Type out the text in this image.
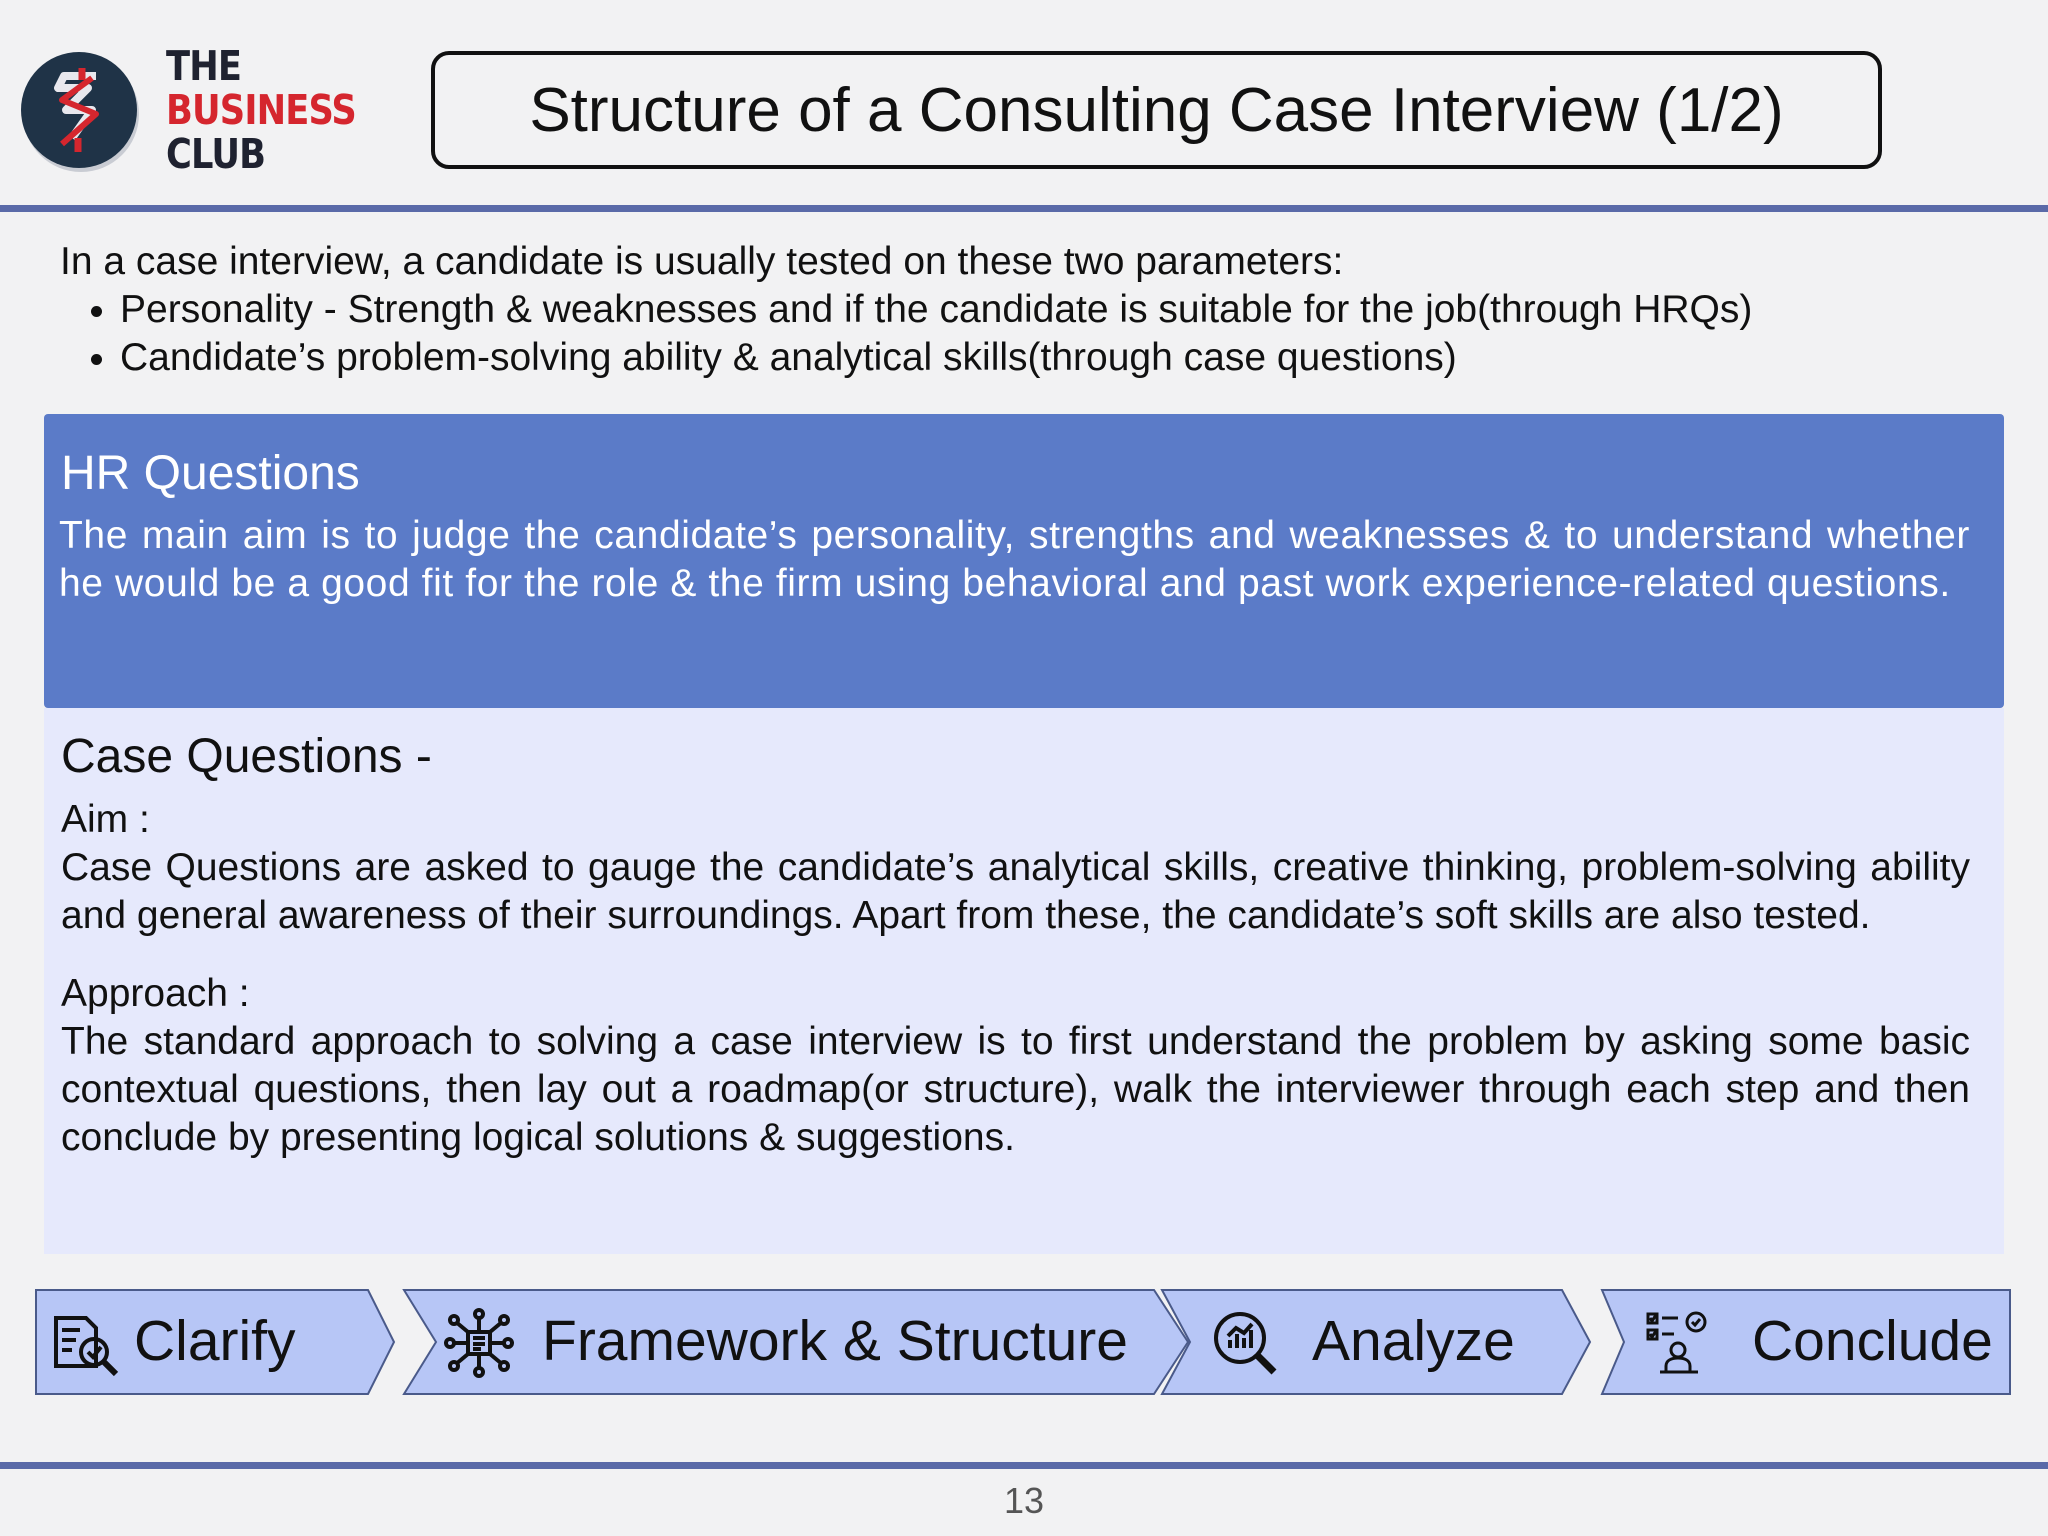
THE
BUSINESS
CLUB
Structure of a Consulting Case Interview (1/2)
In a case interview, a candidate is usually tested on these two parameters:
• Personality - Strength & weaknesses and if the candidate is suitable for the job(through HRQs)
• Candidate’s problem-solving ability & analytical skills(through case questions)
HR Questions
The main aim is to judge the candidate’s personality, strengths and weaknesses & to understand whether he would be a good fit for the role & the firm using behavioral and past work experience-related questions.
Case Questions -
Aim :
Case Questions are asked to gauge the candidate’s analytical skills, creative thinking, problem-solving ability and general awareness of their surroundings. Apart from these, the candidate’s soft skills are also tested.
Approach :
The standard approach to solving a case interview is to first understand the problem by asking some basic contextual questions, then lay out a roadmap(or structure), walk the interviewer through each step and then conclude by presenting logical solutions & suggestions.
Clarify	Framework & Structure	Analyze	Conclude
13
